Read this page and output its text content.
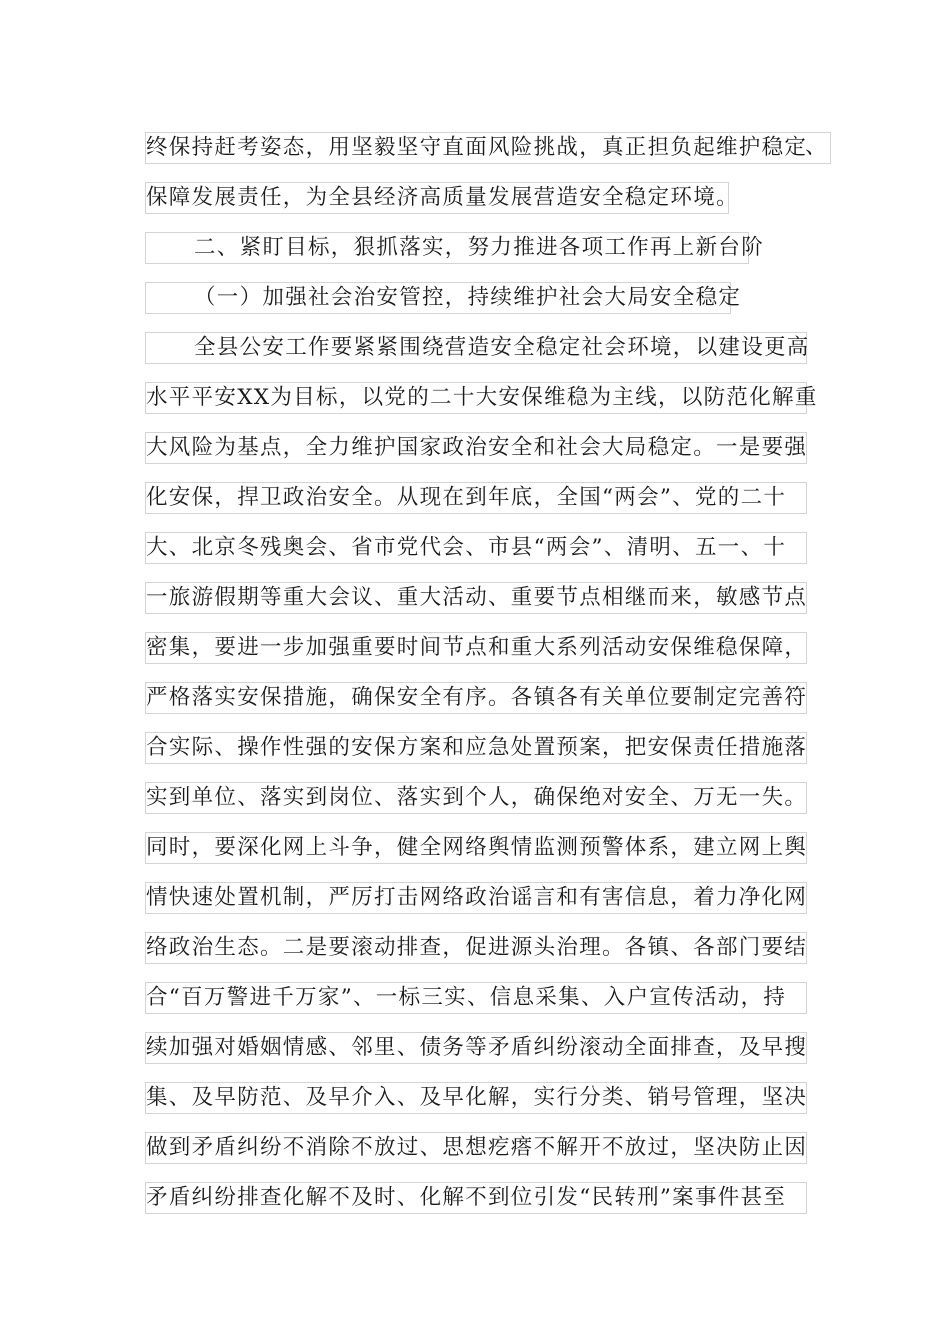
终保持赶考姿态，用坚毅坚守直面风险挑战，真正担负起维护稳定
、
保障发展责任，为全县经济高质量发展营造安全稳定环境。
二、紧盯目标，狠抓落实，努力推进各项工作再上新台阶
（一）加强社会治安管控，持续维护社会大局安全稳定
全县公安工作要紧紧围绕营造安全稳定社会环境，以建设更高
水平平安XX为目标，以党的二十大安保维稳为主线，以防范化解重
大风险为基点，全力维护国家政治安全和社会大局稳定。一是要强
化安保，捍卫政治安全。从现在到年底，全国“两会”、党的二十
大、北京冬残奥会、省市党代会、市县“两会”、清明、五一、十
一旅游假期等重大会议、重大活动、重要节点相继而来，敏感节点
密集，要进一步加强重要时间节点和重大系列活动安保维稳保障，
严格落实安保措施，确保安全有序。各镇各有关单位要制定完善符
合实际、操作性强的安保方案和应急处置预案，把安保责任措施落
实到单位、落实到岗位、落实到个人，确保绝对安全、万无一失。
同时，要深化网上斗争，健全网络舆情监测预警体系，建立网上舆
情快速处置机制，严厉打击网络政治谣言和有害信息，着力净化网
络政治生态。二是要滚动排查，促进源头治理。各镇、各部门要结
合“百万警进千万家”、一标三实、信息采集、入户宣传活动，持
续加强对婚姻情感、邻里、债务等矛盾纠纷滚动全面排查，及早搜
集、及早防范、及早介入、及早化解，实行分类、销号管理，坚决
做到矛盾纠纷不消除不放过、思想疙瘩不解开不放过，坚决防止因
矛盾纠纷排查化解不及时、化解不到位引发“民转刑”案事件甚至
